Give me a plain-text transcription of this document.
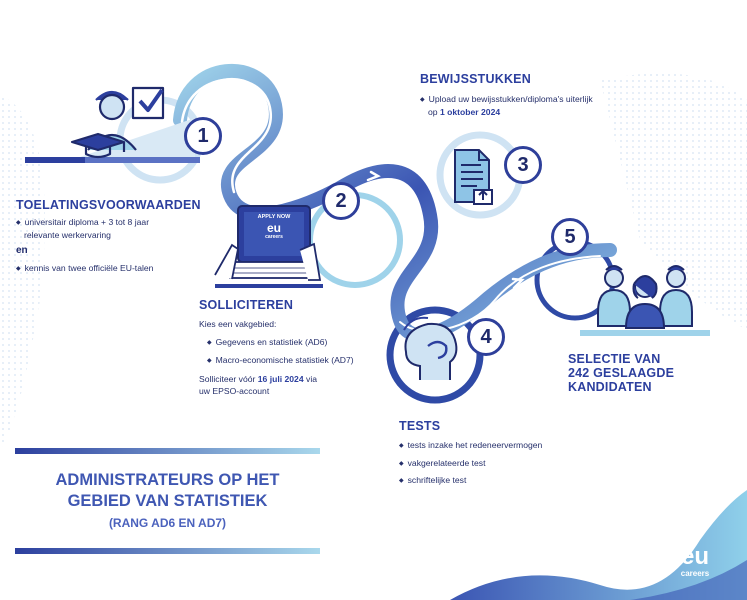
1
2
3
4
5
APPLY NOW
eu
careers
TOELATINGSVOORWAARDEN
◆ universitair diploma + 3 tot 8 jaar
relevante werkervaring
en
◆ kennis van twee officiële EU-talen
SOLLICITEREN
Kies een vakgebied:
◆ Gegevens en statistiek (AD6)
◆ Macro-economische statistiek (AD7)
Solliciteer vóór 16 juli 2024 via
uw EPSO-account
BEWIJSSTUKKEN
◆ Upload uw bewijsstukken/diploma's uiterlijk
op 1 oktober 2024
TESTS
◆ tests inzake het redeneervermogen
◆ vakgerelateerde test
◆ schriftelijke test
SELECTIE VAN
242 GESLAAGDE
KANDIDATEN
ADMINISTRATEURS OP HET
GEBIED VAN STATISTIEK
(RANG AD6 EN AD7)
eu
careers
